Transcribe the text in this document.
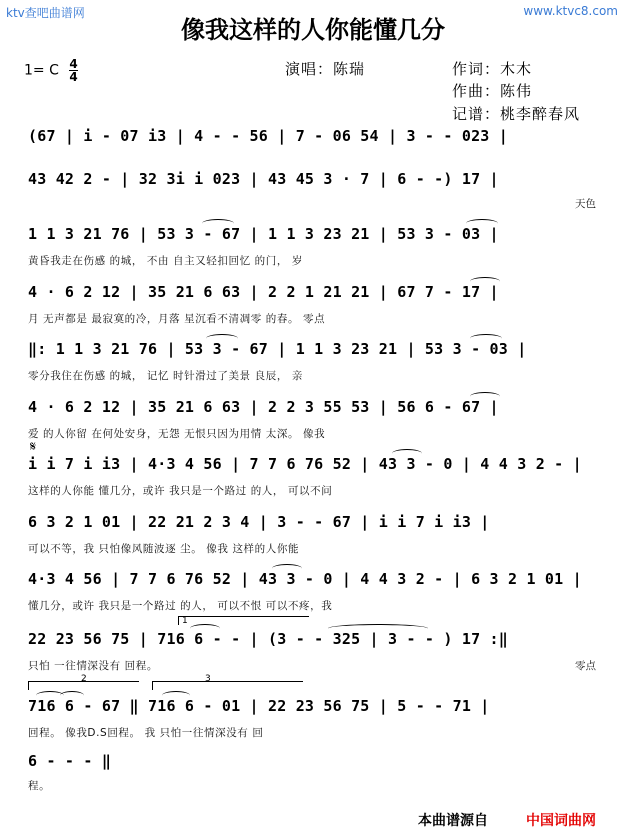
ktv查吧曲谱网	www.ktvc8.com
像我这样的人你能懂几分
1= C $\frac{4}{4}$	演唱：陈瑞	作词：木木
作曲：陈伟
记谱：桃李醉春风
(67 | i - 07 i3 | 4 - - 56 | 7 - 06 54 | 3 - - 023 |
43 42 2 - | 32 3i i 023 | 43 45 3 · 7 | 6 - -) 17 |
天色
1 1 3 21 76 | 53 3 - 67 | 1 1 3 23 21 | 53 3 - 03 |
黄昏我走在伤感 的城， 不由 自主又轻扣回忆 的门， 岁
4 · 6 2 12 | 35 21 6 63 | 2 2 1 21 21 | 67 7 - 17 |
月 无声都是 最寂寞的冷，月落 星沉看不清凋零 的春。 零点
‖: 1 1 3 21 76 | 53 3 - 67 | 1 1 3 23 21 | 53 3 - 03 |
零分我住在伤感 的城， 记忆 时针滑过了美景 良辰， 亲
4 · 6 2 12 | 35 21 6 63 | 2 2 3 55 53 | 56 6 - 67 |
爱 的人你留 在何处安身，无怨 无恨只因为用情 太深。 像我
𝄋
i i 7 i i3 | 4·3 4 56 | 7 7 6 76 52 | 43 3 - 0 | 4 4 3 2 - |
这样的人你能 懂几分，或许 我只是一个路过 的人， 可以不问
6 3 2 1 01 | 22 21 2 3 4 | 3 - - 67 | i i 7 i i3 |
可以不等，我 只怕像风随波逐 尘。 像我 这样的人你能
4·3 4 56 | 7 7 6 76 52 | 43 3 - 0 | 4 4 3 2 - | 6 3 2 1 01 |
懂几分，或许 我只是一个路过 的人， 可以不恨 可以不疼，我
1
22 23 56 75 | 716 6 - - | (3 - - 325 | 3 - - ) 17 :‖
只怕 一往情深没有 回程。	零点
2	3
716 6 - 67 ‖ 716 6 - 01 | 22 23 56 75 | 5 - - 71 |
回程。 像我D.S回程。 我 只怕一往情深没有 回
6 - - - ‖
程。
本曲谱源自	中国词曲网
